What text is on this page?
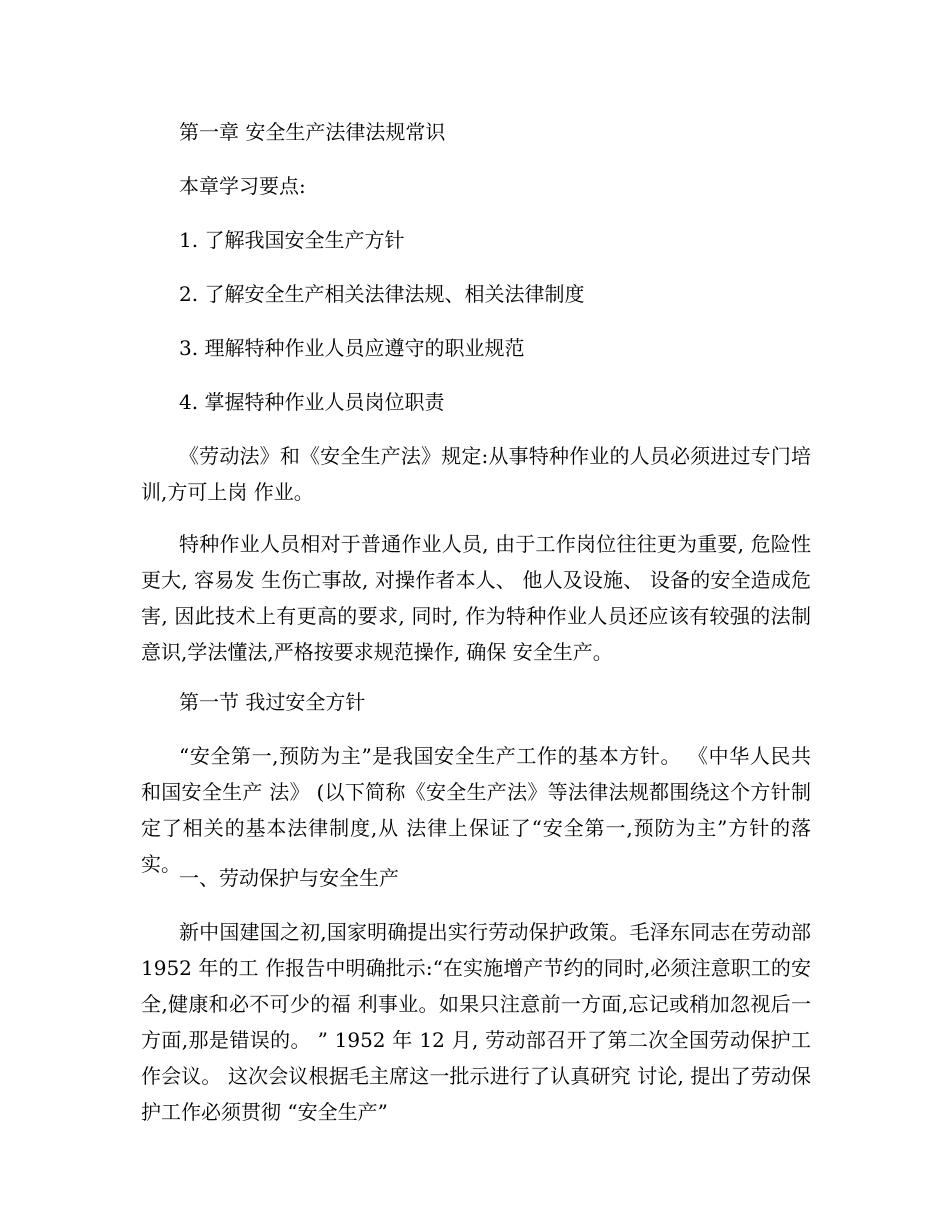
第一章 安全生产法律法规常识

本章学习要点:

1. 了解我国安全生产方针

2. 了解安全生产相关法律法规、相关法律制度

3. 理解特种作业人员应遵守的职业规范

4. 掌握特种作业人员岗位职责

《劳动法》和《安全生产法》规定:从事特种作业的人员必须进过专门培训,方可上岗 作业。

特种作业人员相对于普通作业人员, 由于工作岗位往往更为重要, 危险性更大, 容易发 生伤亡事故, 对操作者本人、 他人及设施、 设备的安全造成危害, 因此技术上有更高的要求, 同时, 作为特种作业人员还应该有较强的法制意识,学法懂法,严格按要求规范操作, 确保 安全生产。

第一节 我过安全方针

“安全第一,预防为主”是我国安全生产工作的基本方针。 《中华人民共和国安全生产 法》 (以下简称《安全生产法》等法律法规都围绕这个方针制定了相关的基本法律制度,从 法律上保证了“安全第一,预防为主”方针的落实。

一、劳动保护与安全生产

新中国建国之初,国家明确提出实行劳动保护政策。毛泽东同志在劳动部 1952 年的工 作报告中明确批示:“在实施增产节约的同时,必须注意职工的安全,健康和必不可少的福 利事业。如果只注意前一方面,忘记或稍加忽视后一方面,那是错误的。 ” 1952 年 12 月, 劳动部召开了第二次全国劳动保护工作会议。 这次会议根据毛主席这一批示进行了认真研究 讨论, 提出了劳动保护工作必须贯彻 “安全生产”
